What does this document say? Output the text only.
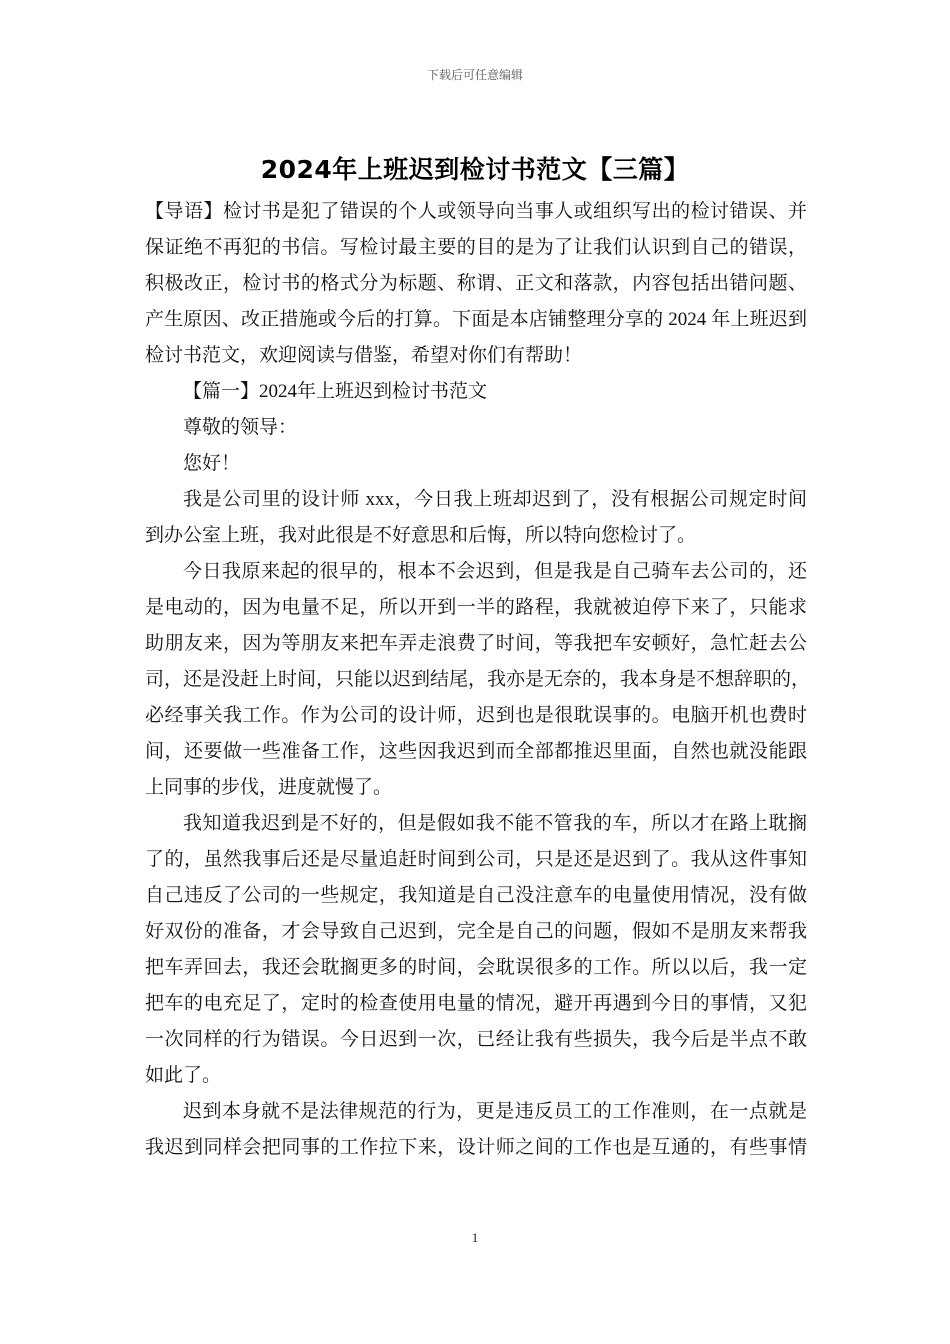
下载后可任意编辑
2024年上班迟到检讨书范文【三篇】
【导语】检讨书是犯了错误的个人或领导向当事人或组织写出的检讨错误、并
保证绝不再犯的书信。写检讨最主要的目的是为了让我们认识到自己的错误，
积极改正，检讨书的格式分为标题、称谓、正文和落款，内容包括出错问题、
产生原因、改正措施或今后的打算。下面是本店铺整理分享的 2024 年上班迟到
检讨书范文，欢迎阅读与借鉴，希望对你们有帮助！
【篇一】2024年上班迟到检讨书范文
尊敬的领导：
您好！
我是公司里的设计师 xxx，今日我上班却迟到了，没有根据公司规定时间
到办公室上班，我对此很是不好意思和后悔，所以特向您检讨了。
今日我原来起的很早的，根本不会迟到，但是我是自己骑车去公司的，还
是电动的，因为电量不足，所以开到一半的路程，我就被迫停下来了，只能求
助朋友来，因为等朋友来把车弄走浪费了时间，等我把车安顿好，急忙赶去公
司，还是没赶上时间，只能以迟到结尾，我亦是无奈的，我本身是不想辞职的，
必经事关我工作。作为公司的设计师，迟到也是很耽误事的。电脑开机也费时
间，还要做一些准备工作，这些因我迟到而全部都推迟里面，自然也就没能跟
上同事的步伐，进度就慢了。
我知道我迟到是不好的，但是假如我不能不管我的车，所以才在路上耽搁
了的，虽然我事后还是尽量追赶时间到公司，只是还是迟到了。我从这件事知
自己违反了公司的一些规定，我知道是自己没注意车的电量使用情况，没有做
好双份的准备，才会导致自己迟到，完全是自己的问题，假如不是朋友来帮我
把车弄回去，我还会耽搁更多的时间，会耽误很多的工作。所以以后，我一定
把车的电充足了，定时的检查使用电量的情况，避开再遇到今日的事情，又犯
一次同样的行为错误。今日迟到一次，已经让我有些损失，我今后是半点不敢
如此了。
迟到本身就不是法律规范的行为，更是违反员工的工作准则，在一点就是
我迟到同样会把同事的工作拉下来，设计师之间的工作也是互通的，有些事情
1
